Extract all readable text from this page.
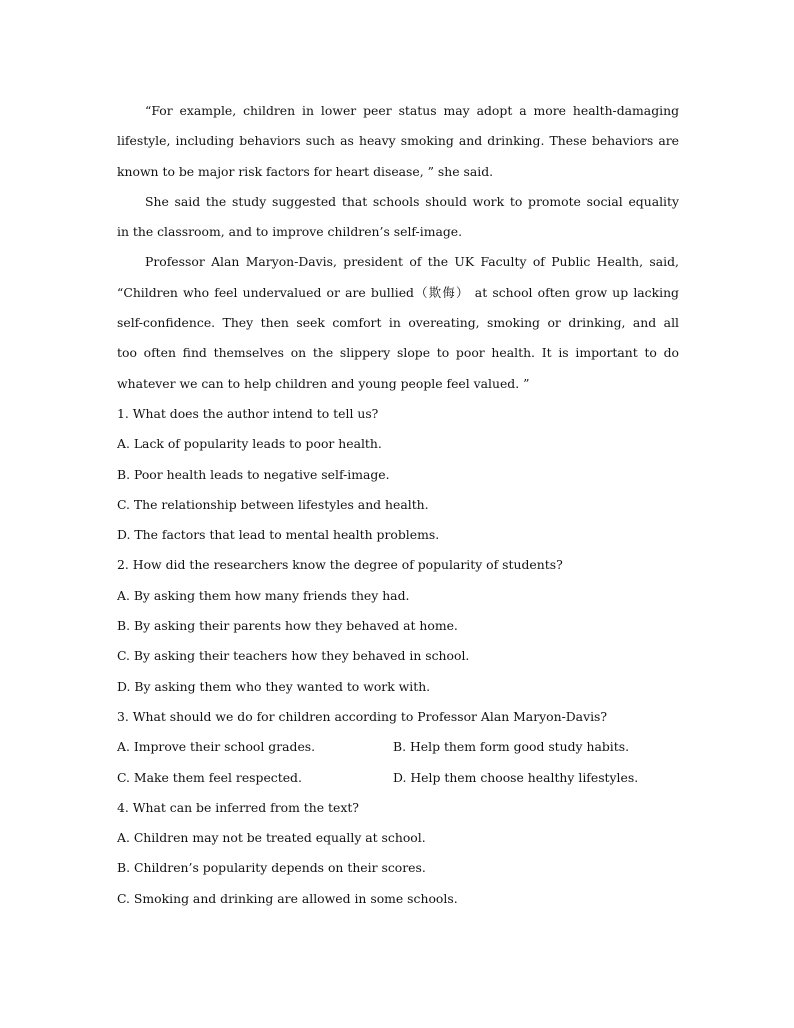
“For example, children in lower peer status may adopt a more health-damaging
lifestyle, including behaviors such as heavy smoking and drinking. These behaviors are
known to be major risk factors for heart disease, ” she said.
She said the study suggested that schools should work to promote social equality
in the classroom, and to improve children’s self-image.
Professor Alan Maryon-Davis, president of the UK Faculty of Public Health, said,
“Children who feel undervalued or are bullied（欺侮） at school often grow up lacking
self-confidence. They then seek comfort in overeating, smoking or drinking, and all
too often find themselves on the slippery slope to poor health. It is important to do
whatever we can to help children and young people feel valued. ”
1. What does the author intend to tell us?
A. Lack of popularity leads to poor health.
B. Poor health leads to negative self-image.
C. The relationship between lifestyles and health.
D. The factors that lead to mental health problems.
2. How did the researchers know the degree of popularity of students?
A. By asking them how many friends they had.
B. By asking their parents how they behaved at home.
C. By asking their teachers how they behaved in school.
D. By asking them who they wanted to work with.
3. What should we do for children according to Professor Alan Maryon-Davis?
A. Improve their school grades.	B. Help them form good study habits.
C. Make them feel respected.	D. Help them choose healthy lifestyles.
4. What can be inferred from the text?
A. Children may not be treated equally at school.
B. Children’s popularity depends on their scores.
C. Smoking and drinking are allowed in some schools.
